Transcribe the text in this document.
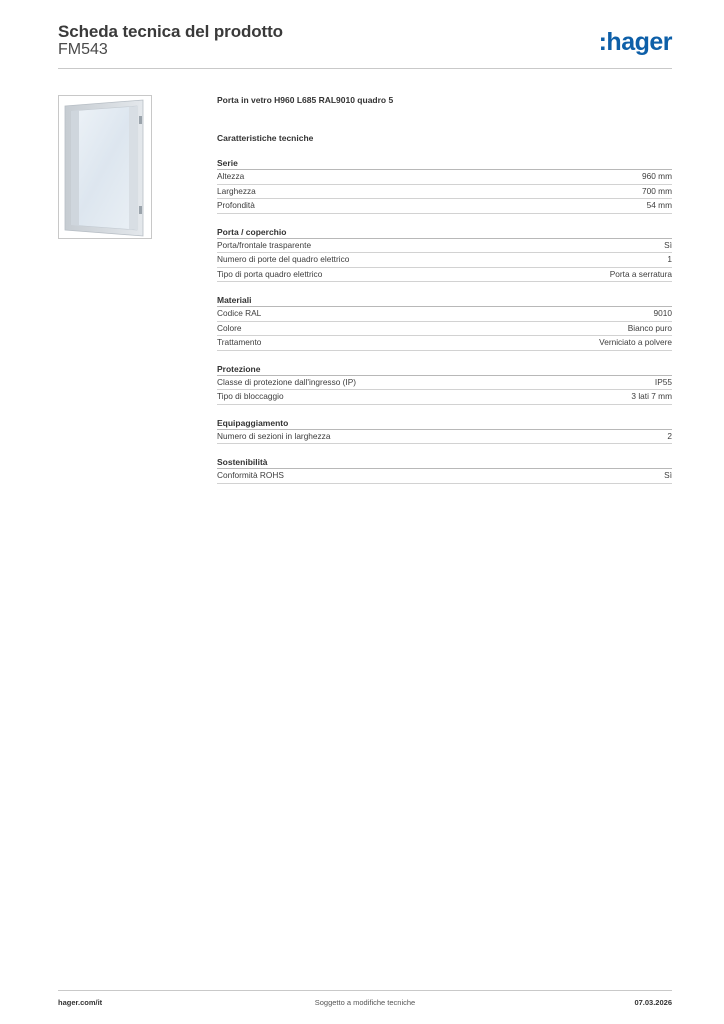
Scheda tecnica del prodotto
FM543	:hager
Porta in vetro H960 L685 RAL9010 quadro 5
Caratteristiche tecniche
Serie
Altezza	960 mm
Larghezza	700 mm
Profondità	54 mm
Porta / coperchio
Porta/frontale trasparente	Sì
Numero di porte del quadro elettrico	1
Tipo di porta quadro elettrico	Porta a serratura
Materiali
Codice RAL	9010
Colore	Bianco puro
Trattamento	Verniciato a polvere
Protezione
Classe di protezione dall'ingresso (IP)	IP55
Tipo di bloccaggio	3 lati 7 mm
Equipaggiamento
Numero di sezioni in larghezza	2
Sostenibilità
Conformità ROHS	Sì
Soggetto a modifiche tecniche
hager.com/it	07.03.2026
